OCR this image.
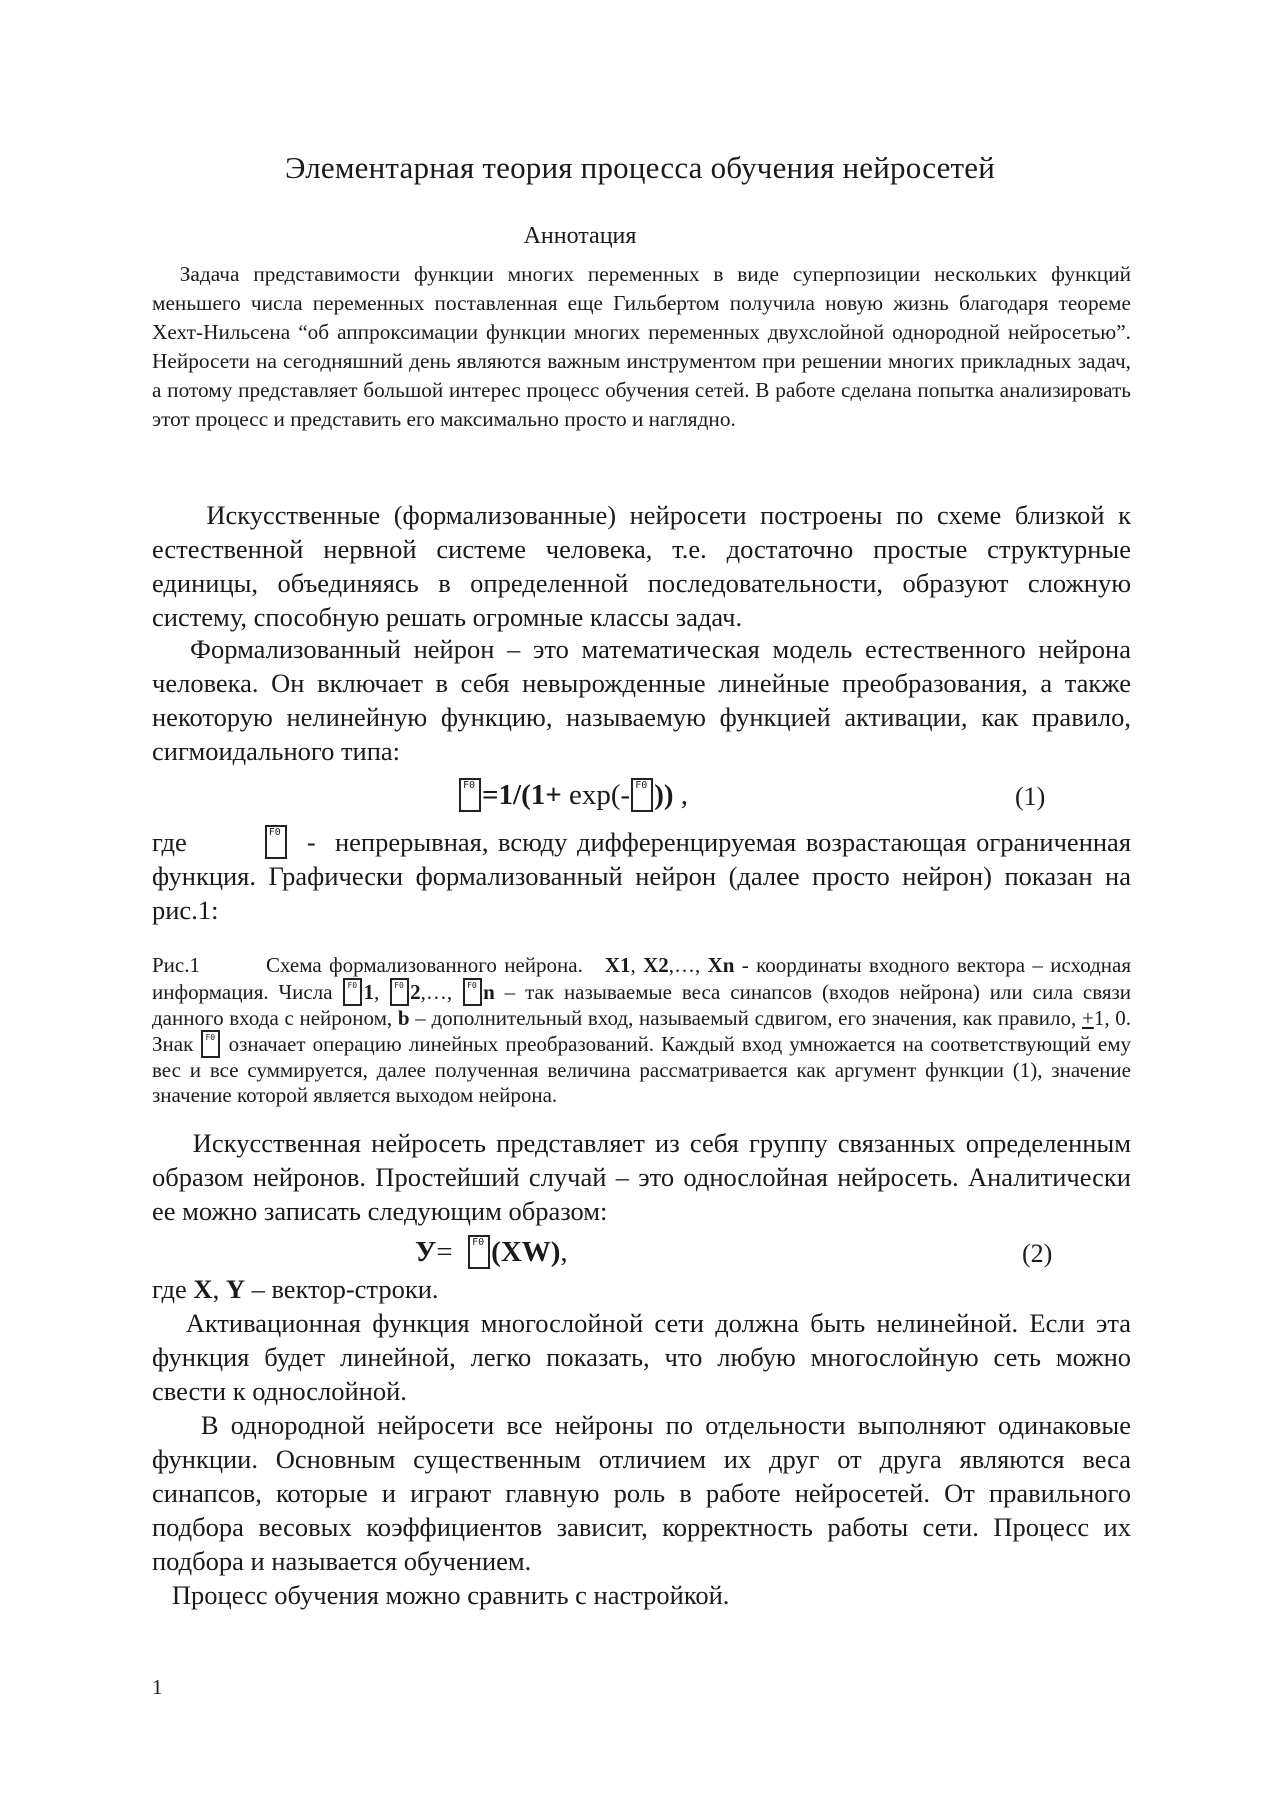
Элементарная теория процесса обучения нейросетей
Аннотация

Задача представимости функции многих переменных в виде суперпозиции нескольких функций меньшего числа переменных поставленная еще Гильбертом получила новую жизнь благодаря теореме Хехт-Нильсена “об аппроксимации функции многих переменных двухслойной однородной нейросетью”. Нейросети на сегодняшний день являются важным инструментом при решении многих прикладных задач, а потому представляет большой интерес процесс обучения сетей. В работе сделана попытка анализировать этот процесс и представить его максимально просто и наглядно.

Искусственные (формализованные) нейросети построены по схеме близкой к естественной нервной системе человека, т.е. достаточно простые структурные единицы, объединяясь в определенной последовательности, образуют сложную систему, способную решать огромные классы задач.

Формализованный нейрон – это математическая модель естественного нейрона человека. Он включает в себя невырожденные линейные преобразования, а также некоторую нелинейную функцию, называемую функцией активации, как правило, сигмоидального типа:

F0=1/(1+ exp(- F0 )) ,	(1)

где F0	- непрерывная, всюду дифференцируемая возрастающая ограниченная функция. Графически формализованный нейрон (далее просто нейрон) показан на рис.1:

Рис.1	Схема формализованного нейрона. X1, X2,…, Xn - координаты входного вектора – исходная информация. Числа F0 1, F0 2,…, F0 n – так называемые веса синапсов (входов нейрона) или сила связи данного входа с нейроном, b – дополнительный вход, называемый сдвигом, его значения, как правило, +1, 0. Знак F0 означает операцию линейных преобразований. Каждый вход умножается на соответствующий ему вес и все суммируется, далее полученная величина рассматривается как аргумент функции (1), значение значение которой является выходом нейрона.

Искусственная нейросеть представляет из себя группу связанных определенным образом нейронов. Простейший случай – это однослойная нейросеть. Аналитически ее можно записать следующим образом:

У= F0 (XW),	(2)

где X, Y – вектор-строки.

Активационная функция многослойной сети должна быть нелинейной. Если эта функция будет линейной, легко показать, что любую многослойную сеть можно свести к однослойной.

В однородной нейросети все нейроны по отдельности выполняют одинаковые функции. Основным существенным отличием их друг от друга являются веса синапсов, которые и играют главную роль в работе нейросетей. От правильного подбора весовых коэффициентов зависит, корректность работы сети. Процесс их подбора и называется обучением.

Процесс обучения можно сравнить с настройкой.

1
